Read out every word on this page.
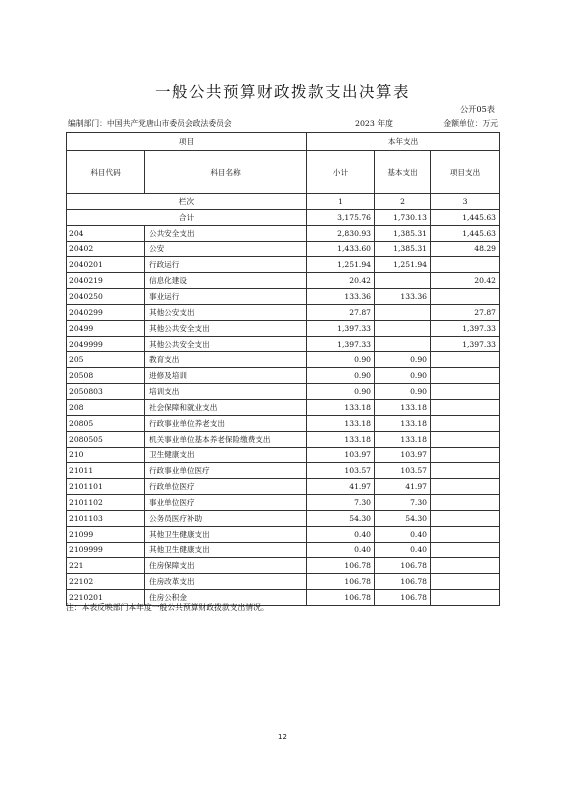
一般公共预算财政拨款支出决算表
公开05表
编制部门：中国共产党唐山市委员会政法委员会	2023 年度	金额单位：万元
项目		本年支出		
科目代码	科目名称	小计	基本支出	项目支出
栏次		1	2	3
合计		3,175.76	1,730.13	1,445.63
204	公共安全支出	2,830.93	1,385.31	1,445.63
20402	公安	1,433.60	1,385.31	48.29
2040201	行政运行	1,251.94	1,251.94	
2040219	信息化建设	20.42		20.42
2040250	事业运行	133.36	133.36	
2040299	其他公安支出	27.87		27.87
20499	其他公共安全支出	1,397.33		1,397.33
2049999	其他公共安全支出	1,397.33		1,397.33
205	教育支出	0.90	0.90	
20508	进修及培训	0.90	0.90	
2050803	培训支出	0.90	0.90	
208	社会保障和就业支出	133.18	133.18	
20805	行政事业单位养老支出	133.18	133.18	
2080505	机关事业单位基本养老保险缴费支出	133.18	133.18	
210	卫生健康支出	103.97	103.97	
21011	行政事业单位医疗	103.57	103.57	
2101101	行政单位医疗	41.97	41.97	
2101102	事业单位医疗	7.30	7.30	
2101103	公务员医疗补助	54.30	54.30	
21099	其他卫生健康支出	0.40	0.40	
2109999	其他卫生健康支出	0.40	0.40	
221	住房保障支出	106.78	106.78	
22102	住房改革支出	106.78	106.78	
2210201	住房公积金	106.78	106.78	
注：本表反映部门本年度一般公共预算财政拨款支出情况。
12
